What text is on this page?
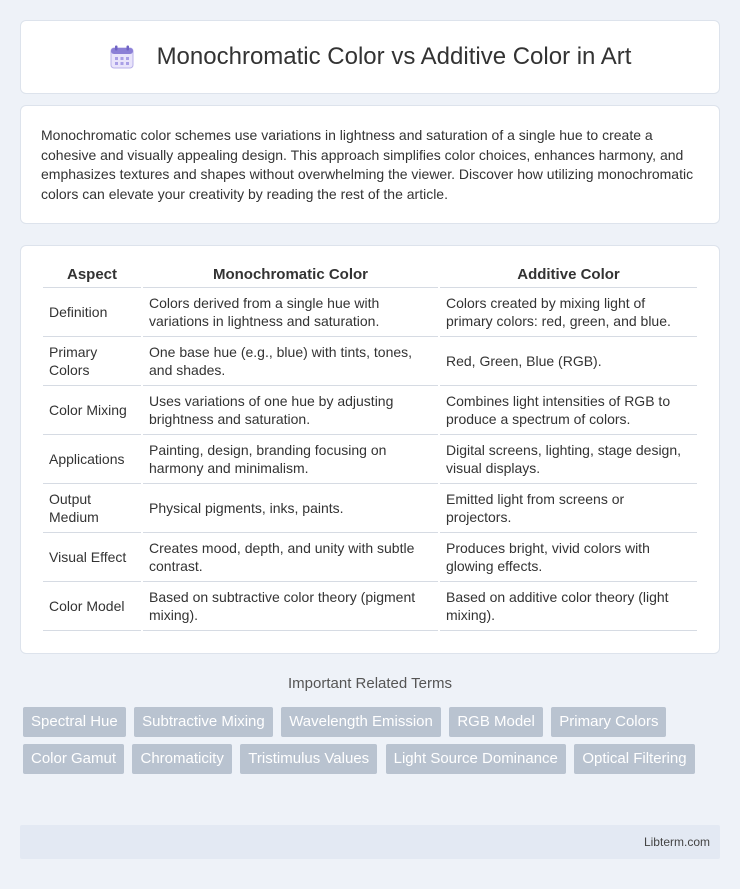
Monochromatic Color vs Additive Color in Art

Monochromatic color schemes use variations in lightness and saturation of a single hue to create a cohesive and visually appealing design. This approach simplifies color choices, enhances harmony, and emphasizes textures and shapes without overwhelming the viewer. Discover how utilizing monochromatic colors can elevate your creativity by reading the rest of the article.

Aspect	Monochromatic Color	Additive Color
Definition	Colors derived from a single hue with variations in lightness and saturation.	Colors created by mixing light of primary colors: red, green, and blue.
Primary Colors	One base hue (e.g., blue) with tints, tones, and shades.	Red, Green, Blue (RGB).
Color Mixing	Uses variations of one hue by adjusting brightness and saturation.	Combines light intensities of RGB to produce a spectrum of colors.
Applications	Painting, design, branding focusing on harmony and minimalism.	Digital screens, lighting, stage design, visual displays.
Output Medium	Physical pigments, inks, paints.	Emitted light from screens or projectors.
Visual Effect	Creates mood, depth, and unity with subtle contrast.	Produces bright, vivid colors with glowing effects.
Color Model	Based on subtractive color theory (pigment mixing).	Based on additive color theory (light mixing).
Important Related Terms
Spectral Hue Subtractive Mixing Wavelength Emission RGB Model Primary Colors Color Gamut Chromaticity Tristimulus Values Light Source Dominance Optical Filtering
Libterm.com
